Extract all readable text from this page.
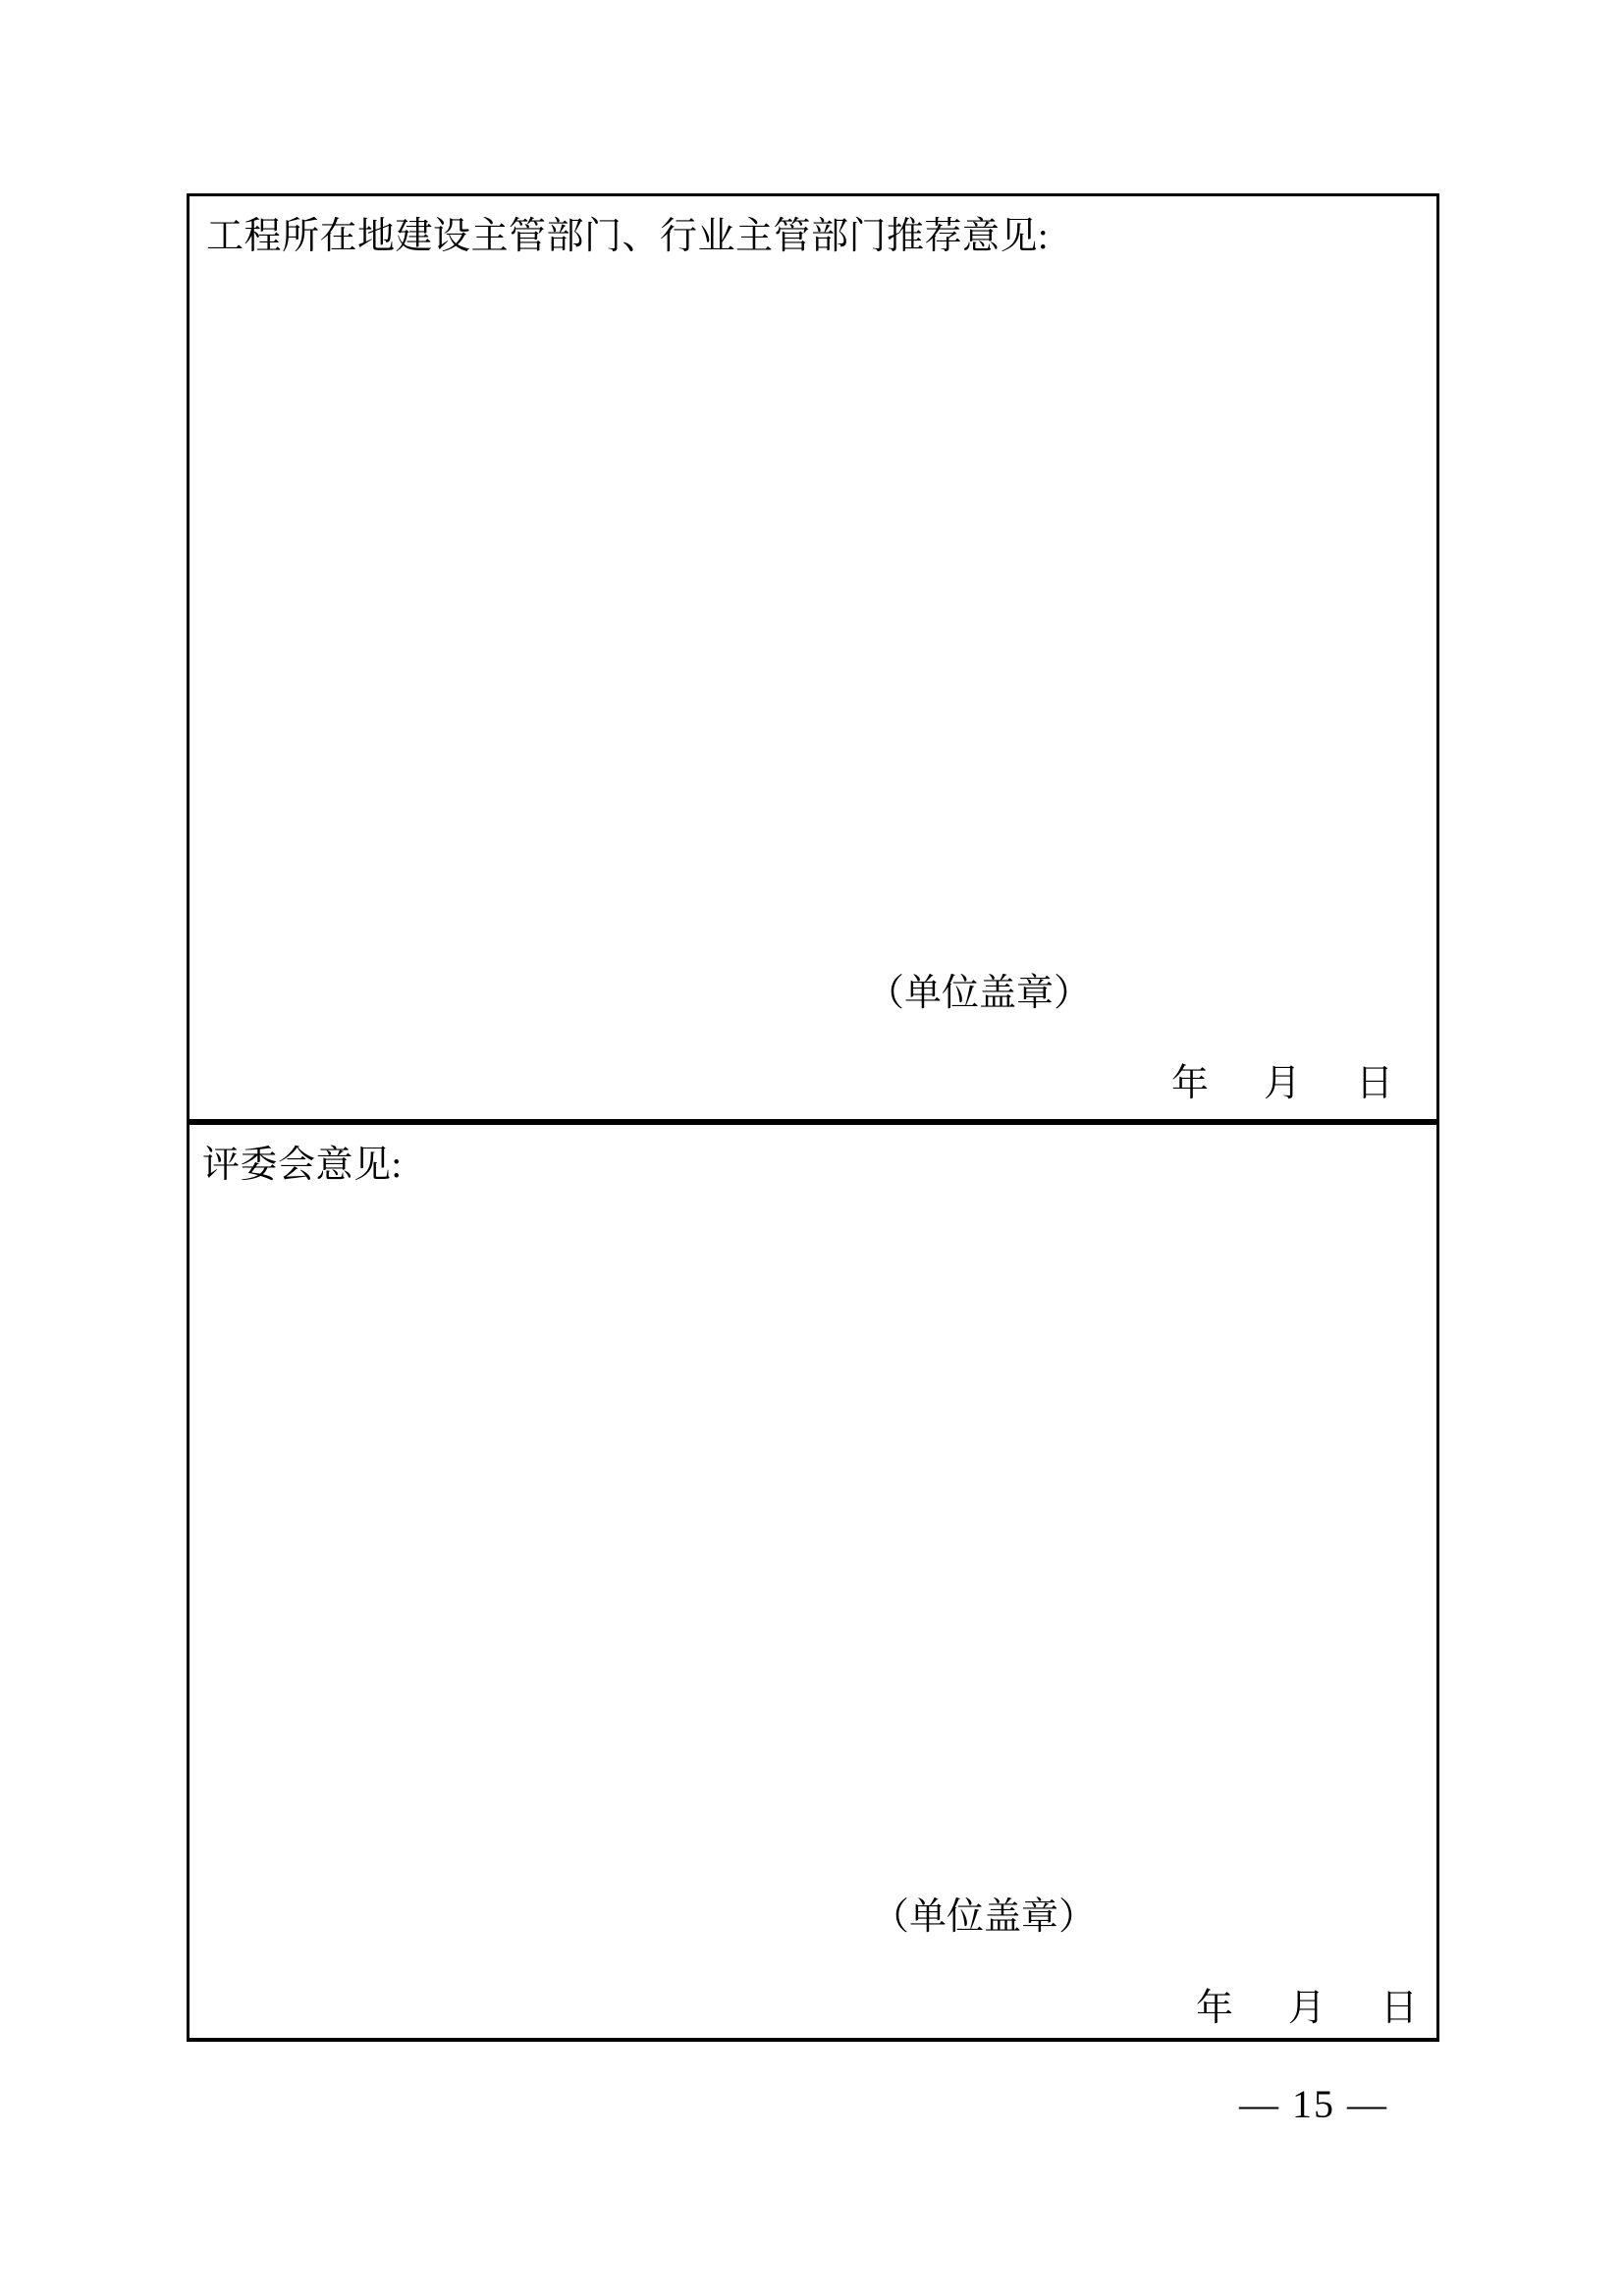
工程所在地建设主管部门、行业主管部门推荐意见:
（单位盖章）
年 月 日
评委会意见:
（单位盖章）
年 月 日
— 15 —
